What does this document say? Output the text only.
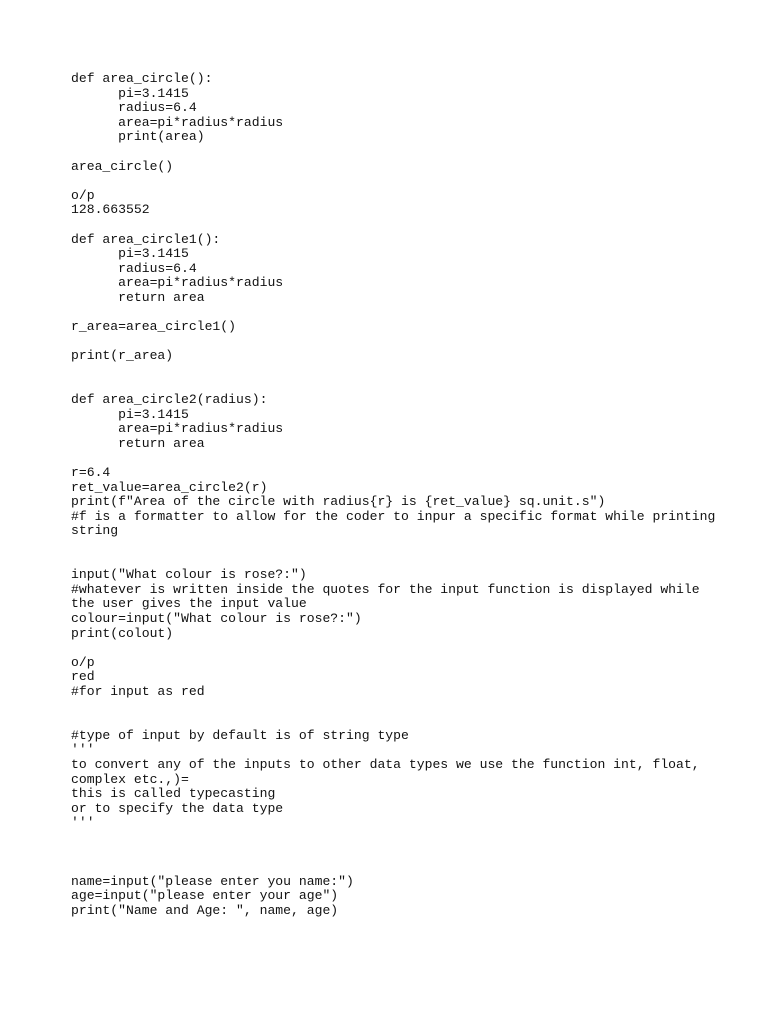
def area_circle():
pi=3.1415
radius=6.4
area=pi*radius*radius
print(area)
area_circle()
o/p
128.663552
def area_circle1():
pi=3.1415
radius=6.4
area=pi*radius*radius
return area
r_area=area_circle1()
print(r_area)
def area_circle2(radius):
pi=3.1415
area=pi*radius*radius
return area
r=6.4
ret_value=area_circle2(r)
print(f"Area of the circle with radius{r} is {ret_value} sq.unit.s")
#f is a formatter to allow for the coder to inpur a specific format while printing
string
input("What colour is rose?:")
#whatever is written inside the quotes for the input function is displayed while
the user gives the input value
colour=input("What colour is rose?:")
print(colout)
o/p
red
#for input as red
#type of input by default is of string type
'''
to convert any of the inputs to other data types we use the function int, float,
complex etc.,)=
this is called typecasting
or to specify the data type
'''
name=input("please enter you name:")
age=input("please enter your age")
print("Name and Age: ", name, age)
